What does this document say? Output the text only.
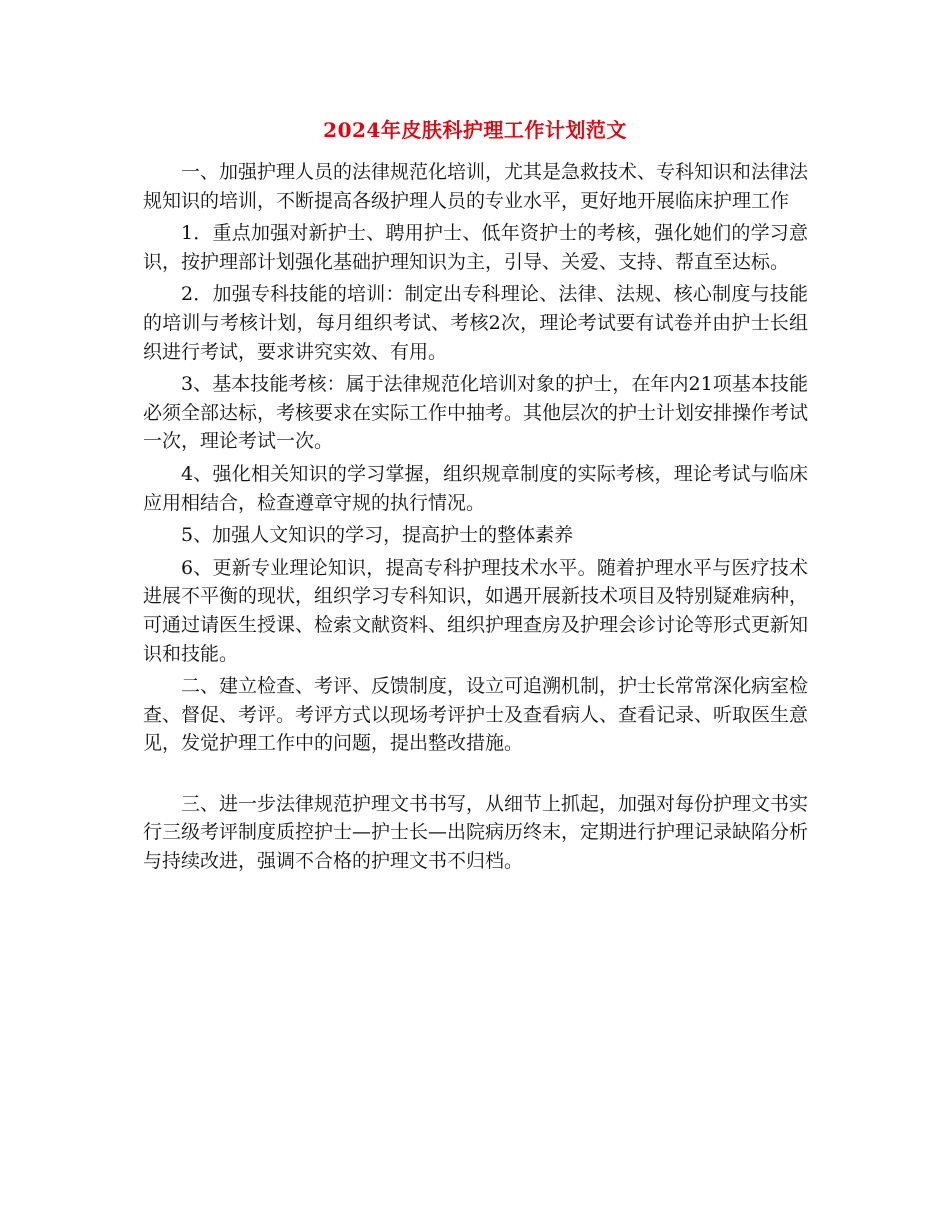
2024年皮肤科护理工作计划范文

一、加强护理人员的法律规范化培训，尤其是急救技术、专科知识和法律法规知识的培训，不断提高各级护理人员的专业水平，更好地开展临床护理工作

1．重点加强对新护士、聘用护士、低年资护士的考核，强化她们的学习意识，按护理部计划强化基础护理知识为主，引导、关爱、支持、帮直至达标。

2．加强专科技能的培训：制定出专科理论、法律、法规、核心制度与技能的培训与考核计划，每月组织考试、考核2次，理论考试要有试卷并由护士长组织进行考试，要求讲究实效、有用。

3、基本技能考核：属于法律规范化培训对象的护士，在年内21项基本技能必须全部达标，考核要求在实际工作中抽考。其他层次的护士计划安排操作考试一次，理论考试一次。

4、强化相关知识的学习掌握，组织规章制度的实际考核，理论考试与临床应用相结合，检查遵章守规的执行情况。

5、加强人文知识的学习，提高护士的整体素养

6、更新专业理论知识，提高专科护理技术水平。随着护理水平与医疗技术进展不平衡的现状，组织学习专科知识，如遇开展新技术项目及特别疑难病种，可通过请医生授课、检索文献资料、组织护理查房及护理会诊讨论等形式更新知识和技能。

二、建立检查、考评、反馈制度，设立可追溯机制，护士长常常深化病室检查、督促、考评。考评方式以现场考评护士及查看病人、查看记录、听取医生意见，发觉护理工作中的问题，提出整改措施。

三、进一步法律规范护理文书书写，从细节上抓起，加强对每份护理文书实行三级考评制度质控护士—护士长—出院病历终末，定期进行护理记录缺陷分析与持续改进，强调不合格的护理文书不归档。
